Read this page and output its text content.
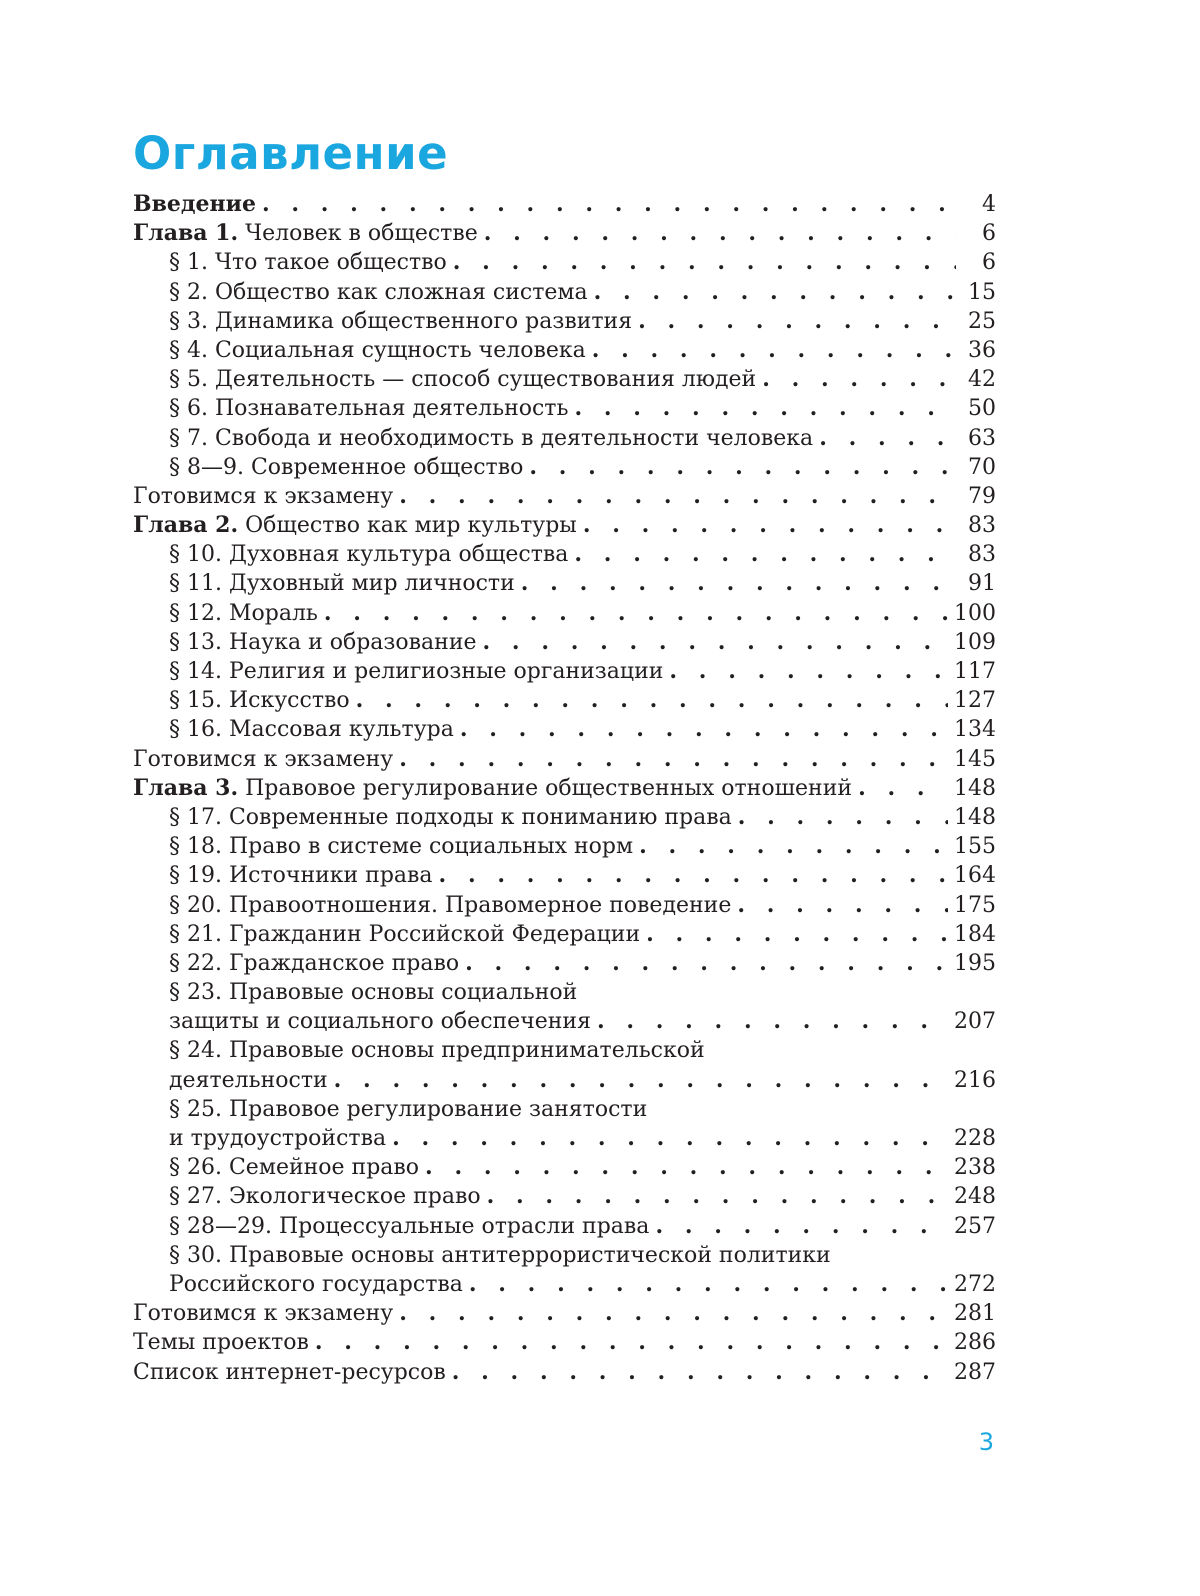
Оглавление
Введение . . .	4
Глава 1. Человек в обществе . . .	6
§ 1. Что такое общество . . .	6
§ 2. Общество как сложная система . . .	15
§ 3. Динамика общественного развития . . .	25
§ 4. Социальная сущность человека . . .	36
§ 5. Деятельность — способ существования людей . . .	42
§ 6. Познавательная деятельность . . .	50
§ 7. Свобода и необходимость в деятельности человека . . .	63
§ 8—9. Современное общество . . .	70
Готовимся к экзамену . . .	79
Глава 2. Общество как мир культуры . . .	83
§ 10. Духовная культура общества . . .	83
§ 11. Духовный мир личности . . .	91
§ 12. Мораль . . .	100
§ 13. Наука и образование . . .	109
§ 14. Религия и религиозные организации . . .	117
§ 15. Искусство . . .	127
§ 16. Массовая культура . . .	134
Готовимся к экзамену . . .	145
Глава 3. Правовое регулирование общественных отношений . . .	148
§ 17. Современные подходы к пониманию права . . .	148
§ 18. Право в системе социальных норм . . .	155
§ 19. Источники права . . .	164
§ 20. Правоотношения. Правомерное поведение . . .	175
§ 21. Гражданин Российской Федерации . . .	184
§ 22. Гражданское право . . .	195
§ 23. Правовые основы социальной
защиты и социального обеспечения . . .	207
§ 24. Правовые основы предпринимательской
деятельности . . .	216
§ 25. Правовое регулирование занятости
и трудоустройства . . .	228
§ 26. Семейное право . . .	238
§ 27. Экологическое право . . .	248
§ 28—29. Процессуальные отрасли права . . .	257
§ 30. Правовые основы антитеррористической политики
Российского государства . . .	272
Готовимся к экзамену . . .	281
Темы проектов . . .	286
Список интернет-ресурсов . . .	287
3
